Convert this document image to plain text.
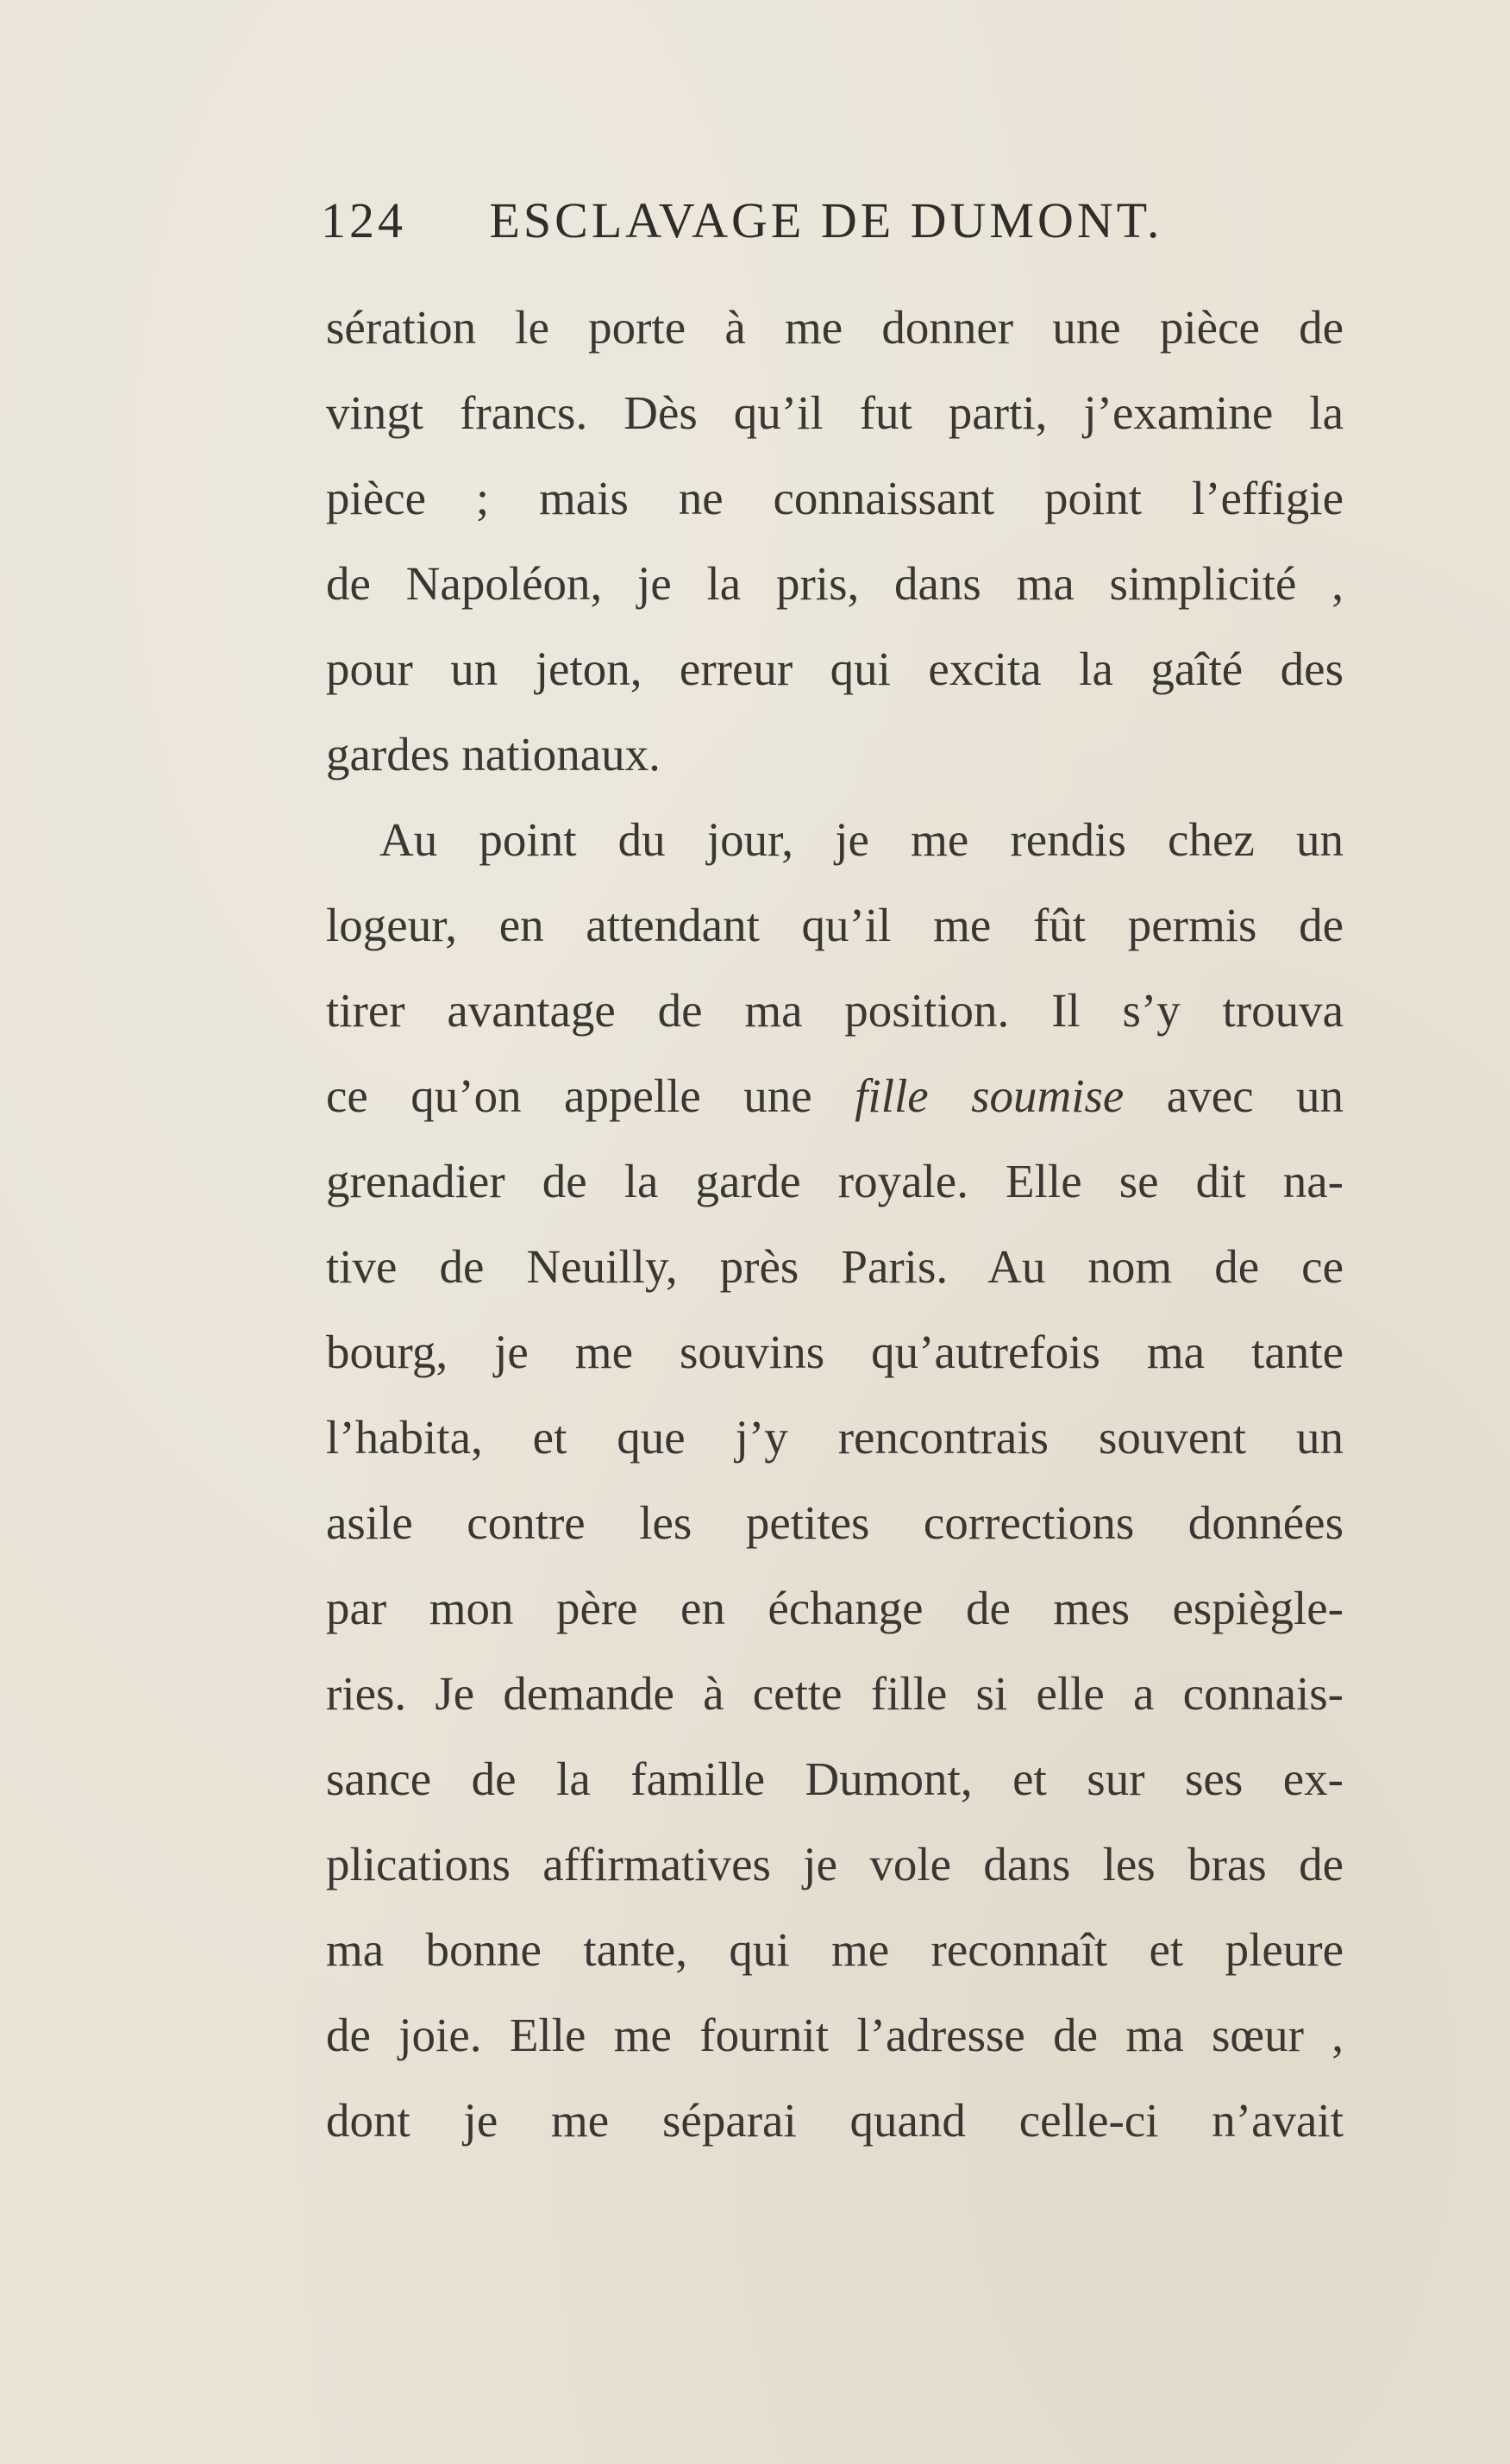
124 ESCLAVAGE DE DUMONT.
sération le porte à me donner une pièce de
vingt francs. Dès qu’il fut parti, j’examine la
pièce ; mais ne connaissant point l’effigie
de Napoléon, je la pris, dans ma simplicité ,
pour un jeton, erreur qui excita la gaîté des
gardes nationaux.
Au point du jour, je me rendis chez un
logeur, en attendant qu’il me fût permis de
tirer avantage de ma position. Il s’y trouva
ce qu’on appelle une fille soumise avec un
grenadier de la garde royale. Elle se dit na-
tive de Neuilly, près Paris. Au nom de ce
bourg, je me souvins qu’autrefois ma tante
l’habita, et que j’y rencontrais souvent un
asile contre les petites corrections données
par mon père en échange de mes espiègle-
ries. Je demande à cette fille si elle a connais-
sance de la famille Dumont, et sur ses ex-
plications affirmatives je vole dans les bras de
ma bonne tante, qui me reconnaît et pleure
de joie. Elle me fournit l’adresse de ma sœur ,
dont je me séparai quand celle-ci n’avait
